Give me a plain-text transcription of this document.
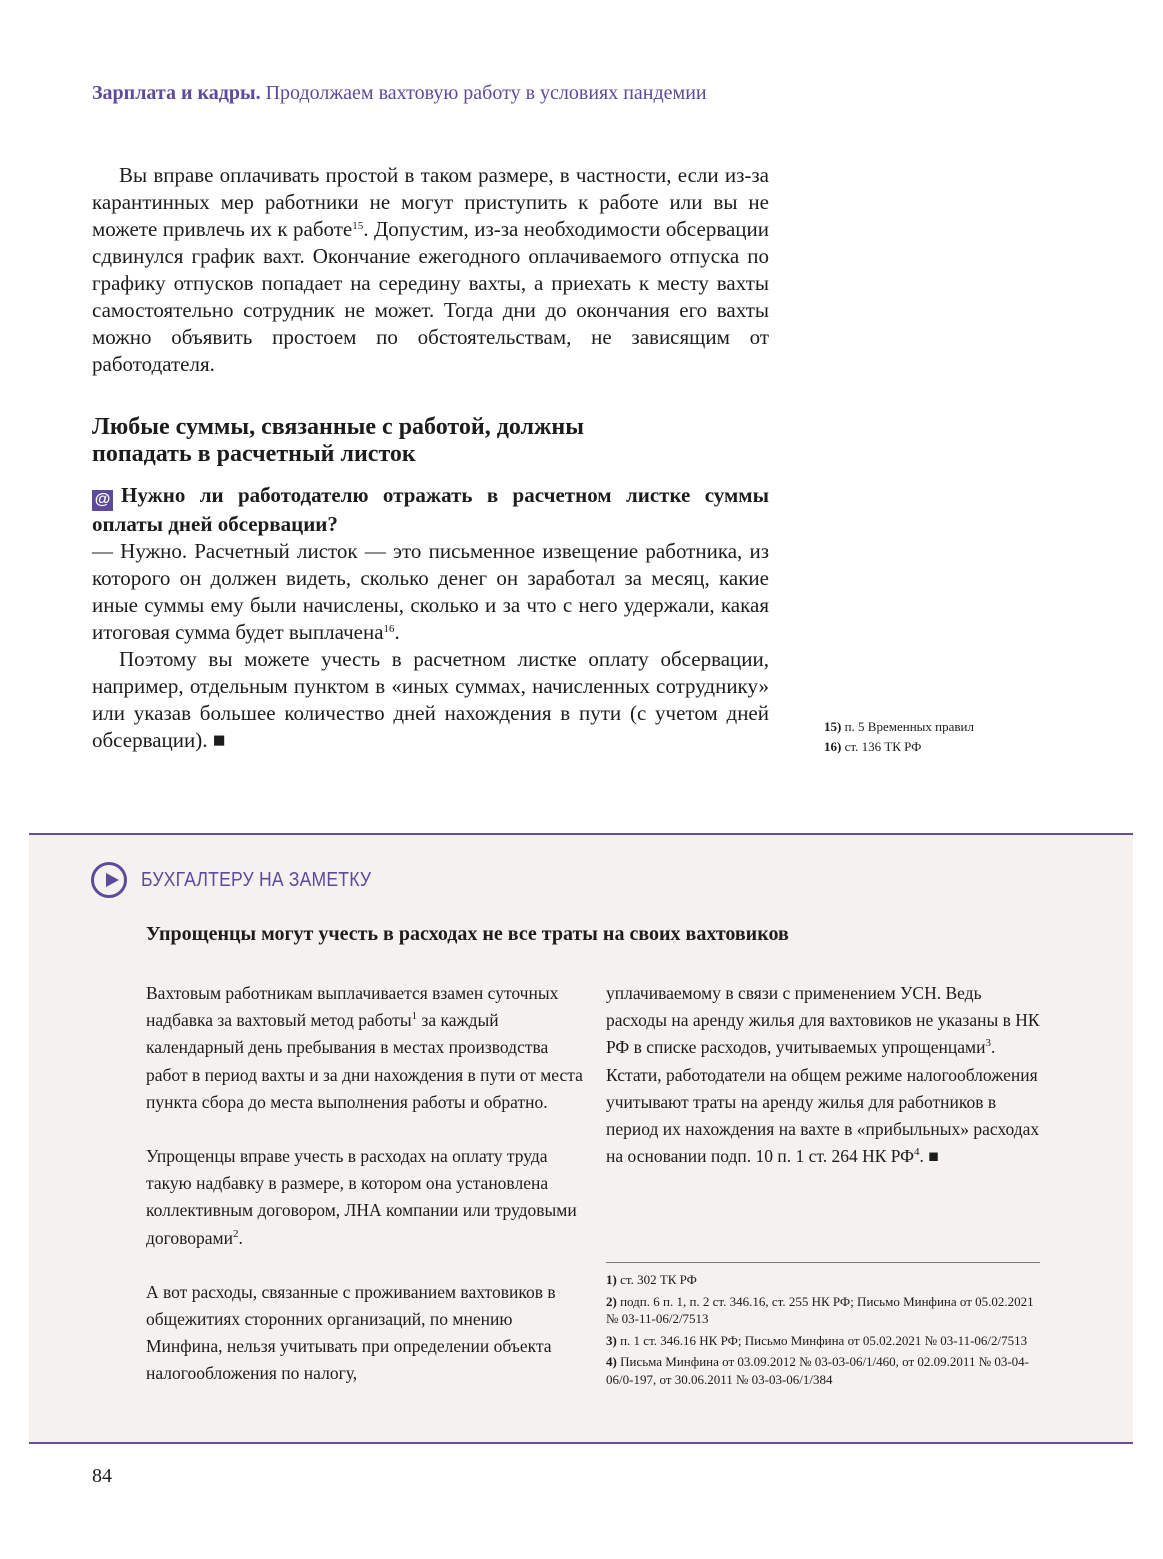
Зарплата и кадры. Продолжаем вахтовую работу в условиях пандемии

Вы вправе оплачивать простой в таком размере, в частности, если из-за карантинных мер работники не могут приступить к работе или вы не можете привлечь их к работе$^{15}$. Допустим, из-за необходимости обсервации сдвинулся график вахт. Окончание ежегодного оплачиваемого отпуска по графику отпусков попадает на середину вахты, а приехать к месту вахты самостоятельно сотрудник не может. Тогда дни до окончания его вахты можно объявить простоем по обстоятельствам, не зависящим от работодателя.

Любые суммы, связанные с работой, должны попадать в расчетный листок

@ Нужно ли работодателю отражать в расчетном листке суммы оплаты дней обсервации?

— Нужно. Расчетный листок — это письменное извещение работника, из которого он должен видеть, сколько денег он заработал за месяц, какие иные суммы ему были начислены, сколько и за что с него удержали, какая итоговая сумма будет выплачена$^{16}$.

Поэтому вы можете учесть в расчетном листке оплату обсервации, например, отдельным пунктом в «иных суммах, начисленных сотруднику» или указав большее количество дней нахождения в пути (с учетом дней обсервации). ■

15) п. 5 Временных правил
16) ст. 136 ТК РФ
БУХГАЛТЕРУ НА ЗАМЕТКУ
Упрощенцы могут учесть в расходах не все траты на своих вахтовиков

Вахтовым работникам выплачивается взамен суточных надбавка за вахтовый метод работы$^1$ за каждый календарный день пребывания в местах производства работ в период вахты и за дни нахождения в пути от места пункта сбора до места выполнения работы и обратно.

Упрощенцы вправе учесть в расходах на оплату труда такую надбавку в размере, в котором она установлена коллективным договором, ЛНА компании или трудовыми договорами$^2$.

А вот расходы, связанные с проживанием вахтовиков в общежитиях сторонних организаций, по мнению Минфина, нельзя учитывать при определении объекта налогообложения по налогу,

уплачиваемому в связи с применением УСН. Ведь расходы на аренду жилья для вахтовиков не указаны в НК РФ в списке расходов, учитываемых упрощенцами$^3$. Кстати, работодатели на общем режиме налогообложения учитывают траты на аренду жилья для работников в период их нахождения на вахте в «прибыльных» расходах на основании подп. 10 п. 1 ст. 264 НК $РФ^4$. ■

1) ст. 302 ТК РФ
2) подп. 6 п. 1, п. 2 ст. 346.16, ст. 255 НК РФ; Письмо Минфина от 05.02.2021 № 03-11-06/2/7513
3) п. 1 ст. 346.16 НК РФ; Письмо Минфина от 05.02.2021 № 03-11-06/2/7513
4) Письма Минфина от 03.09.2012 № 03-03-06/1/460, от 02.09.2011 № 03-04-06/0-197, от 30.06.2011 № 03-03-06/1/384
84
